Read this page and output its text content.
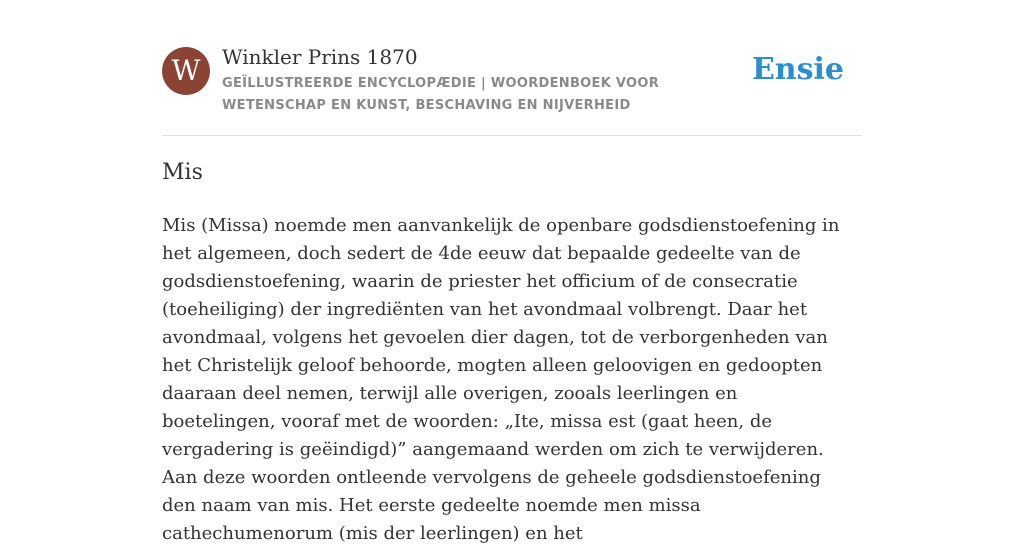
W	Winkler Prins 1870
GEÏLLUSTREERDE ENCYCLOPÆDIE | WOORDENBOEK VOOR WETENSCHAP EN KUNST, BESCHAVING EN NIJVERHEID
Ensie
Mis

Mis (Missa) noemde men aanvankelijk de openbare godsdienstoefening in het algemeen, doch sedert de 4de eeuw dat bepaalde gedeelte van de godsdienstoefening, waarin de priester het officium of de consecratie (toeheiliging) der ingrediënten van het avondmaal volbrengt. Daar het avondmaal, volgens het gevoelen dier dagen, tot de verborgenheden van het Christelijk geloof behoorde, mogten alleen geloovigen en gedoopten daaraan deel nemen, terwijl alle overigen, zooals leerlingen en boetelingen, vooraf met de woorden: „Ite, missa est (gaat heen, de vergadering is geëindigd)” aangemaand werden om zich te verwijderen. Aan deze woorden ontleende vervolgens de geheele godsdienstoefening den naam van mis. Het eerste gedeelte noemde men missa cathechumenorum (mis der leerlingen) en het
